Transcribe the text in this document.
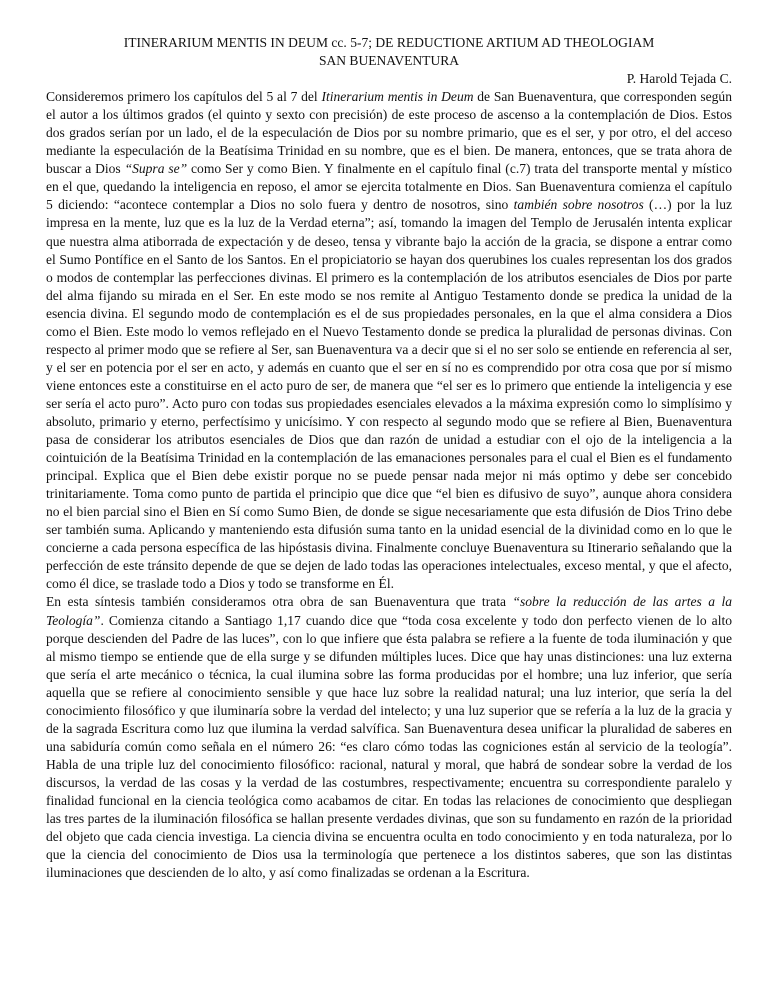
ITINERARIUM MENTIS IN DEUM cc. 5-7; DE REDUCTIONE ARTIUM AD THEOLOGIAM

SAN BUENAVENTURA

P. Harold Tejada C.

Consideremos primero los capítulos del 5 al 7 del Itinerarium mentis in Deum de San Buenaventura, que corresponden según el autor a los últimos grados (el quinto y sexto con precisión) de este proceso de ascenso a la contemplación de Dios. Estos dos grados serían por un lado, el de la especulación de Dios por su nombre primario, que es el ser, y por otro, el del acceso mediante la especulación de la Beatísima Trinidad en su nombre, que es el bien. De manera, entonces, que se trata ahora de buscar a Dios “Supra se” como Ser y como Bien. Y finalmente en el capítulo final (c.7) trata del transporte mental y místico en el que, quedando la inteligencia en reposo, el amor se ejercita totalmente en Dios. San Buenaventura comienza el capítulo 5 diciendo: “acontece contemplar a Dios no solo fuera y dentro de nosotros, sino también sobre nosotros (…) por la luz impresa en la mente, luz que es la luz de la Verdad eterna”; así, tomando la imagen del Templo de Jerusalén intenta explicar que nuestra alma atiborrada de expectación y de deseo, tensa y vibrante bajo la acción de la gracia, se dispone a entrar como el Sumo Pontífice en el Santo de los Santos. En el propiciatorio se hayan dos querubines los cuales representan los dos grados o modos de contemplar las perfecciones divinas. El primero es la contemplación de los atributos esenciales de Dios por parte del alma fijando su mirada en el Ser. En este modo se nos remite al Antiguo Testamento donde se predica la unidad de la esencia divina. El segundo modo de contemplación es el de sus propiedades personales, en la que el alma considera a Dios como el Bien. Este modo lo vemos reflejado en el Nuevo Testamento donde se predica la pluralidad de personas divinas. Con respecto al primer modo que se refiere al Ser, san Buenaventura va a decir que si el no ser solo se entiende en referencia al ser, y el ser en potencia por el ser en acto, y además en cuanto que el ser en sí no es comprendido por otra cosa que por sí mismo viene entonces este a constituirse en el acto puro de ser, de manera que “el ser es lo primero que entiende la inteligencia y ese ser sería el acto puro”. Acto puro con todas sus propiedades esenciales elevados a la máxima expresión como lo simplísimo y absoluto, primario y eterno, perfectísimo y unicísimo. Y con respecto al segundo modo que se refiere al Bien, Buenaventura pasa de considerar los atributos esenciales de Dios que dan razón de unidad a estudiar con el ojo de la inteligencia a la cointuición de la Beatísima Trinidad en la contemplación de las emanaciones personales para el cual el Bien es el fundamento principal. Explica que el Bien debe existir porque no se puede pensar nada mejor ni más optimo y debe ser concebido trinitariamente. Toma como punto de partida el principio que dice que “el bien es difusivo de suyo”, aunque ahora considera no el bien parcial sino el Bien en Sí como Sumo Bien, de donde se sigue necesariamente que esta difusión de Dios Trino debe ser también suma. Aplicando y manteniendo esta difusión suma tanto en la unidad esencial de la divinidad como en lo que le concierne a cada persona específica de las hipóstasis divina. Finalmente concluye Buenaventura su Itinerario señalando que la perfección de este tránsito depende de que se dejen de lado todas las operaciones intelectuales, exceso mental, y que el afecto, como él dice, se traslade todo a Dios y todo se transforme en Él.

En esta síntesis también consideramos otra obra de san Buenaventura que trata “sobre la reducción de las artes a la Teología”. Comienza citando a Santiago 1,17 cuando dice que “toda cosa excelente y todo don perfecto vienen de lo alto porque descienden del Padre de las luces”, con lo que infiere que ésta palabra se refiere a la fuente de toda iluminación y que al mismo tiempo se entiende que de ella surge y se difunden múltiples luces. Dice que hay unas distinciones: una luz externa que sería el arte mecánico o técnica, la cual ilumina sobre las forma producidas por el hombre; una luz inferior, que sería aquella que se refiere al conocimiento sensible y que hace luz sobre la realidad natural; una luz interior, que sería la del conocimiento filosófico y que iluminaría sobre la verdad del intelecto; y una luz superior que se refería a la luz de la gracia y de la sagrada Escritura como luz que ilumina la verdad salvífica. San Buenaventura desea unificar la pluralidad de saberes en una sabiduría común como señala en el número 26: “es claro cómo todas las cogniciones están al servicio de la teología”. Habla de una triple luz del conocimiento filosófico: racional, natural y moral, que habrá de sondear sobre la verdad de los discursos, la verdad de las cosas y la verdad de las costumbres, respectivamente; encuentra su correspondiente paralelo y finalidad funcional en la ciencia teológica como acabamos de citar. En todas las relaciones de conocimiento que despliegan las tres partes de la iluminación filosófica se hallan presente verdades divinas, que son su fundamento en razón de la prioridad del objeto que cada ciencia investiga. La ciencia divina se encuentra oculta en todo conocimiento y en toda naturaleza, por lo que la ciencia del conocimiento de Dios usa la terminología que pertenece a los distintos saberes, que son las distintas iluminaciones que descienden de lo alto, y así como finalizadas se ordenan a la Escritura.
